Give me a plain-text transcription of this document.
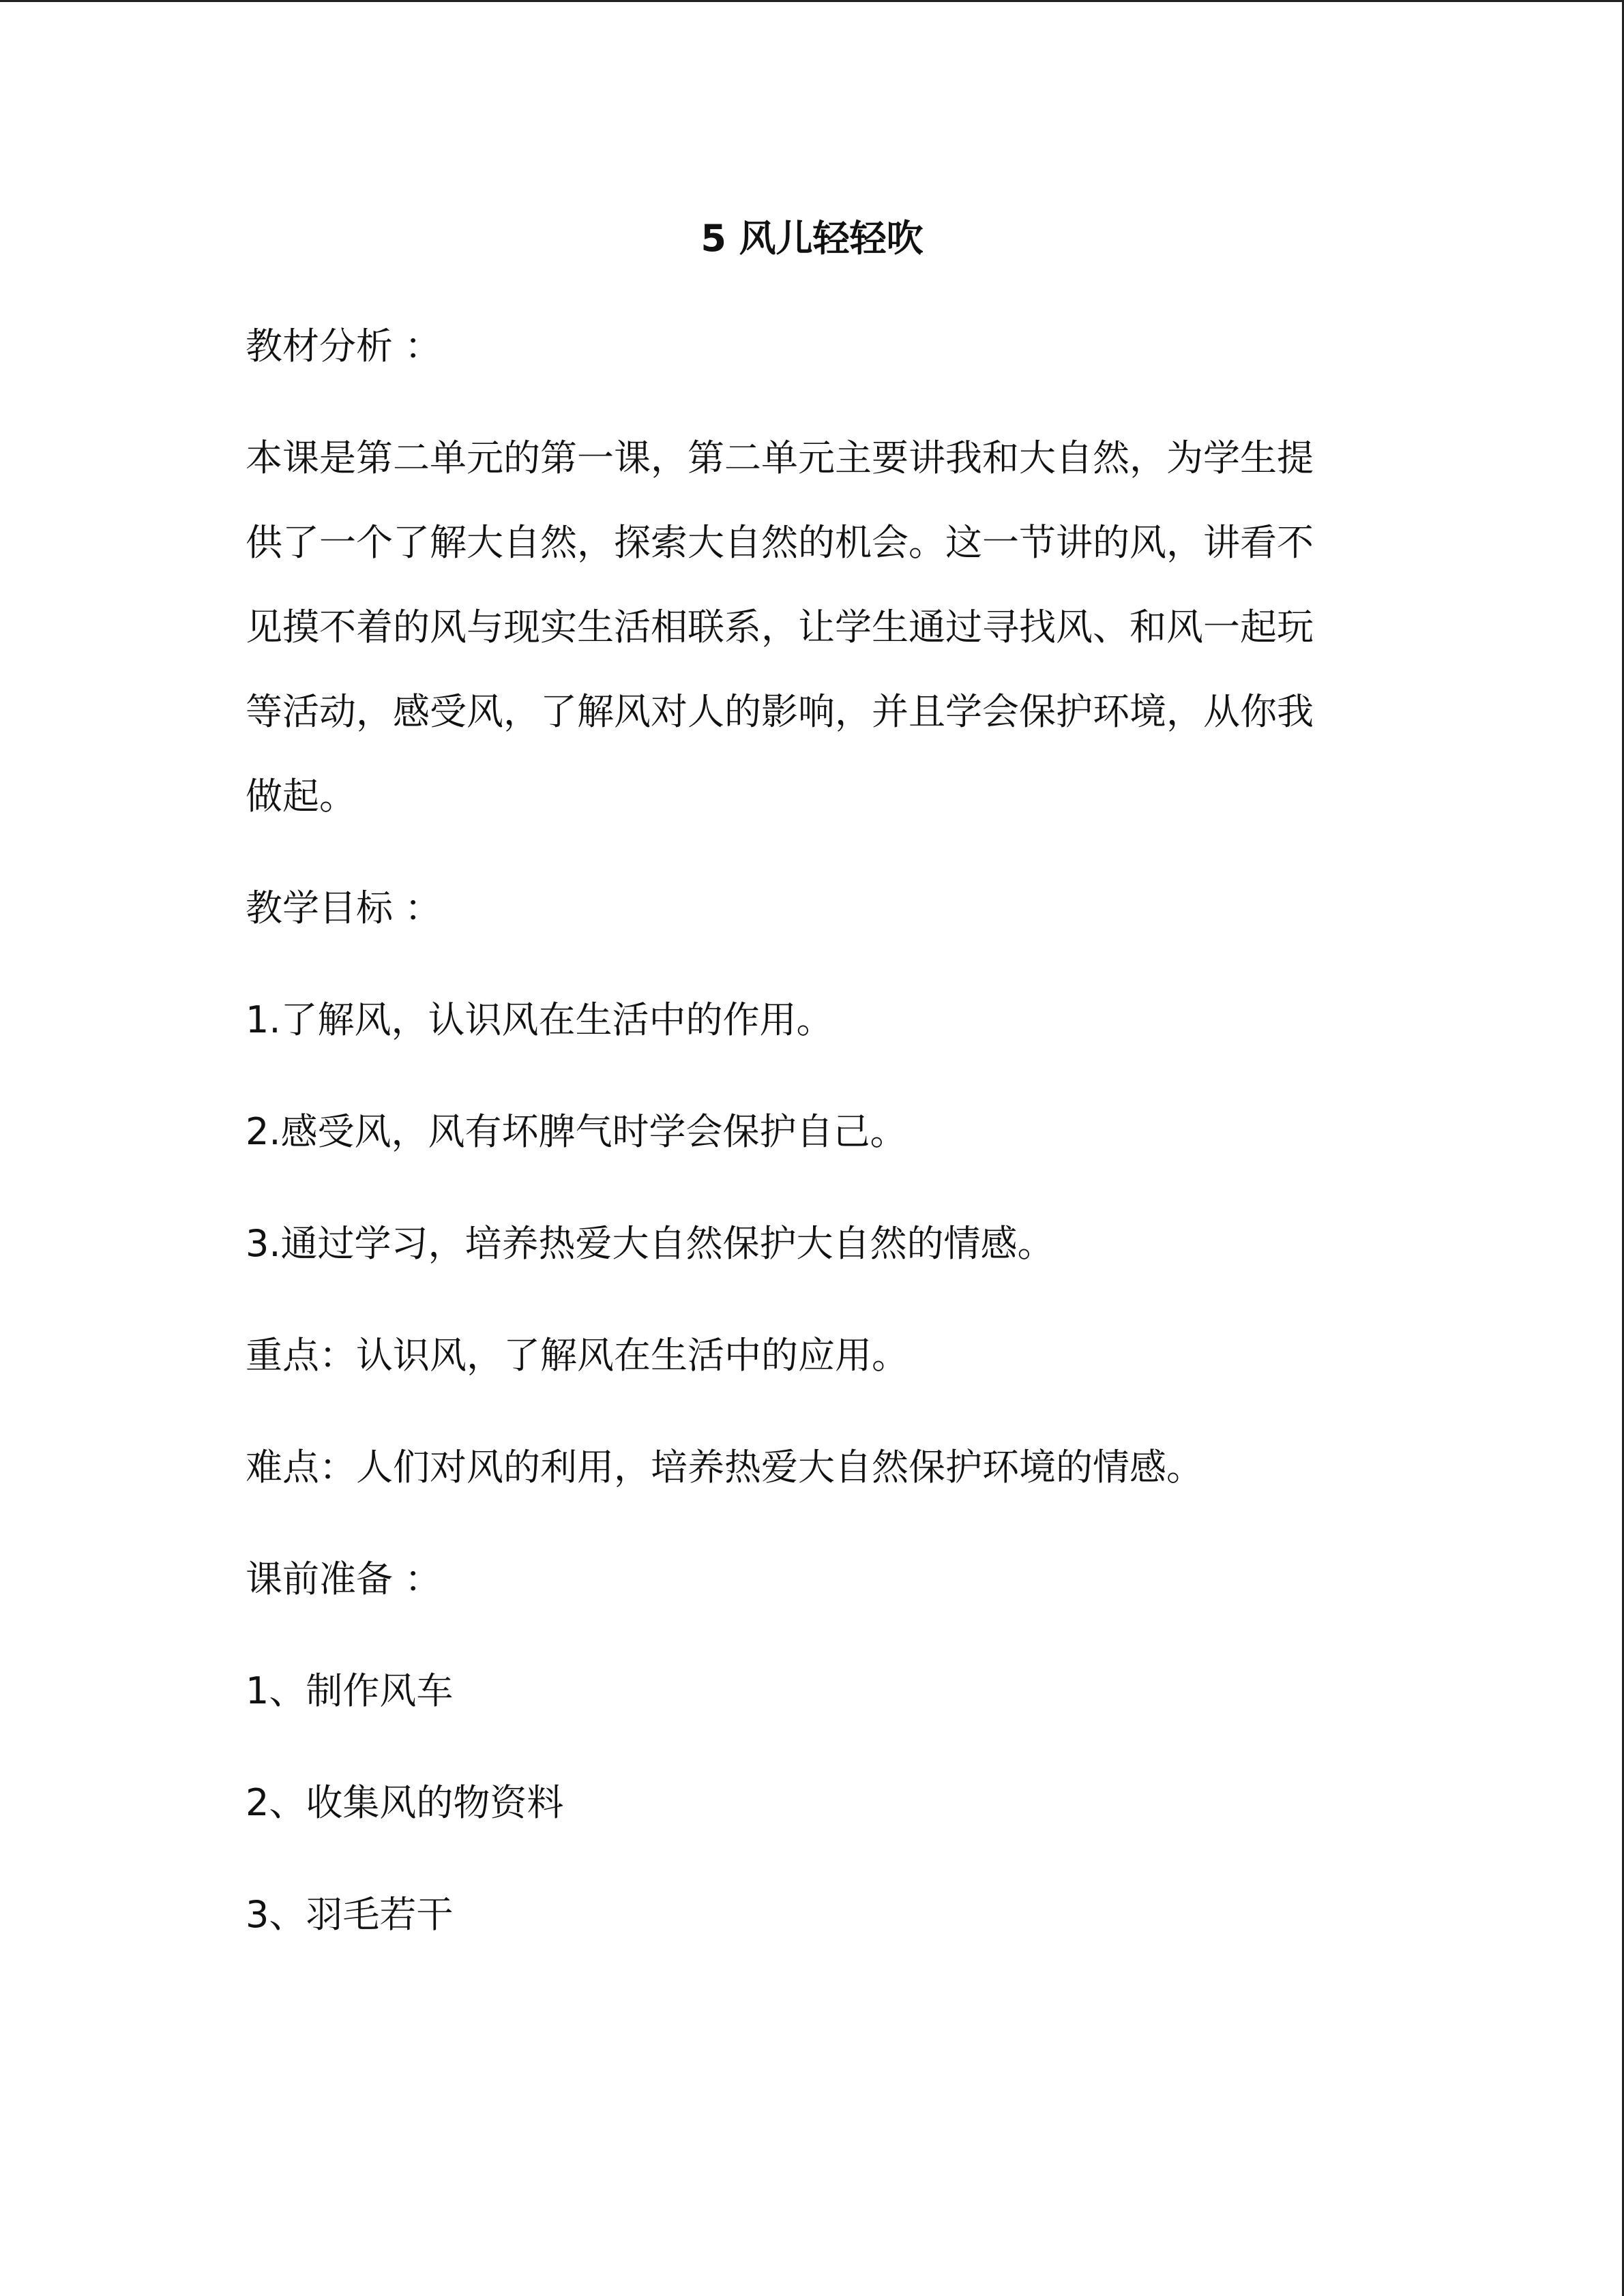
5 风儿轻轻吹
教材分析 ：
本课是第二单元的第一课，第二单元主要讲我和大自然，为学生提
供了一个了解大自然，探索大自然的机会。这一节讲的风，讲看不
见摸不着的风与现实生活相联系，让学生通过寻找风、和风一起玩
等活动，感受风，了解风对人的影响，并且学会保护环境，从你我
做起。
教学目标 ：
1.了解风，认识风在生活中的作用。
2.感受风，风有坏脾气时学会保护自己。
3.通过学习，培养热爱大自然保护大自然的情感。
重点：认识风，了解风在生活中的应用。
难点：人们对风的利用，培养热爱大自然保护环境的情感。
课前准备 ：
1、制作风车
2、收集风的物资料
3、羽毛若干
